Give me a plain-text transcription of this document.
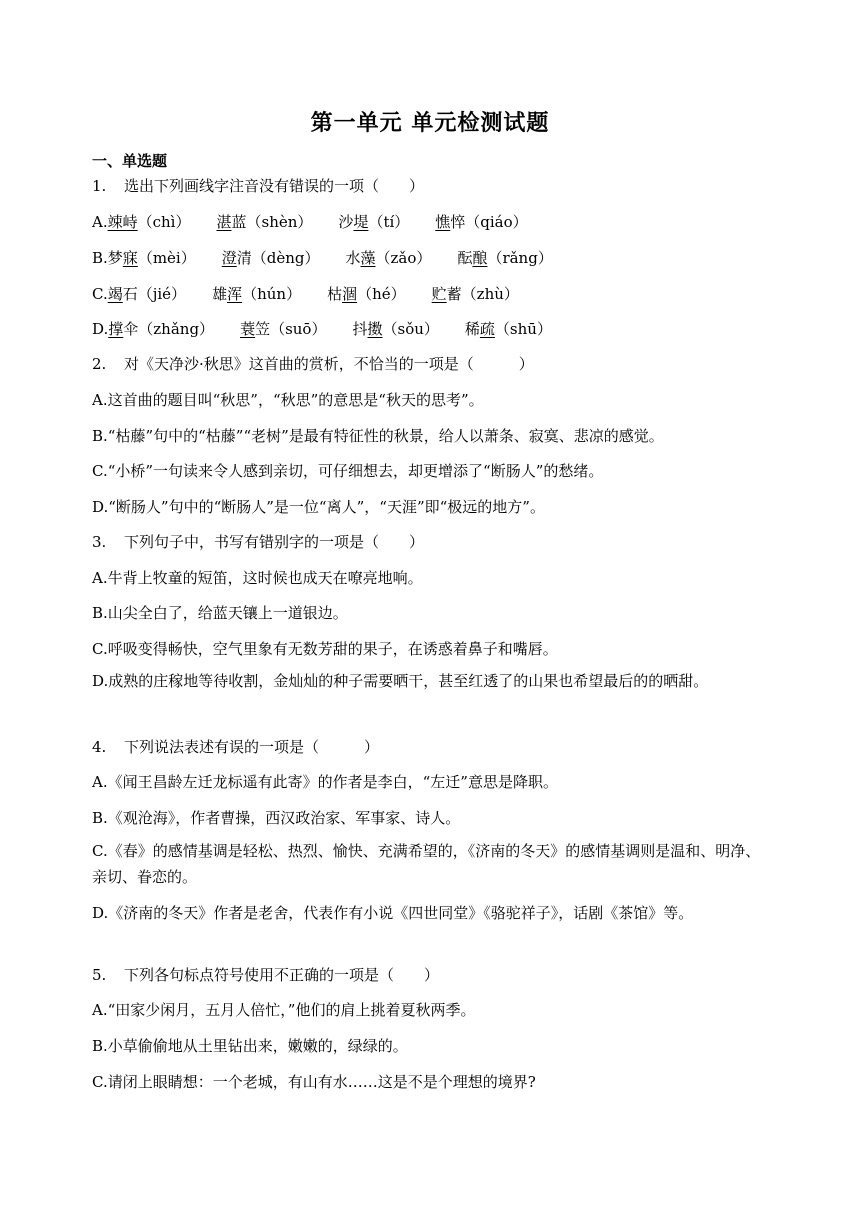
第一单元 单元检测试题
一、单选题
1. 选出下列画线字注音没有错误的一项（　　）
A.竦峙（chì） 湛蓝（shèn） 沙堤（tí） 憔悴（qiáo）
B.梦寐（mèi） 澄清（dèng） 水藻（zǎo） 酝酿（rǎng）
C.竭石（jié） 雄浑（hún） 枯涸（hé） 贮蓄（zhù）
D.撑伞（zhǎng） 蓑笠（suō） 抖擞（sǒu） 稀疏（shū）
2. 对《天净沙·秋思》这首曲的赏析，不恰当的一项是（　　　）
A.这首曲的题目叫“秋思”，“秋思”的意思是“秋天的思考”。
B.“枯藤”句中的“枯藤”“老树”是最有特征性的秋景，给人以萧条、寂寞、悲凉的感觉。
C.“小桥”一句读来令人感到亲切，可仔细想去，却更增添了“断肠人”的愁绪。
D.“断肠人”句中的“断肠人”是一位“离人”，“天涯”即“极远的地方”。
3. 下列句子中，书写有错别字的一项是（　　）
A.牛背上牧童的短笛，这时候也成天在嘹亮地响。
B.山尖全白了，给蓝天镶上一道银边。
C.呼吸变得畅快，空气里象有无数芳甜的果子，在诱惑着鼻子和嘴唇。
D.成熟的庄稼地等待收割，金灿灿的种子需要晒干，甚至红透了的山果也希望最后的的晒甜。
4. 下列说法表述有误的一项是（　　　）
A.《闻王昌龄左迁龙标遥有此寄》的作者是李白，“左迁”意思是降职。
B.《观沧海》，作者曹操，西汉政治家、军事家、诗人。
C.《春》的感情基调是轻松、热烈、愉快、充满希望的，《济南的冬天》的感情基调则是温和、明净、亲切、眷恋的。
D.《济南的冬天》作者是老舍，代表作有小说《四世同堂》《骆驼祥子》，话剧《茶馆》等。
5. 下列各句标点符号使用不正确的一项是（　　）
A.“田家少闲月，五月人倍忙，”他们的肩上挑着夏秋两季。
B.小草偷偷地从土里钻出来，嫩嫩的，绿绿的。
C.请闭上眼睛想：一个老城，有山有水……这是不是个理想的境界?
